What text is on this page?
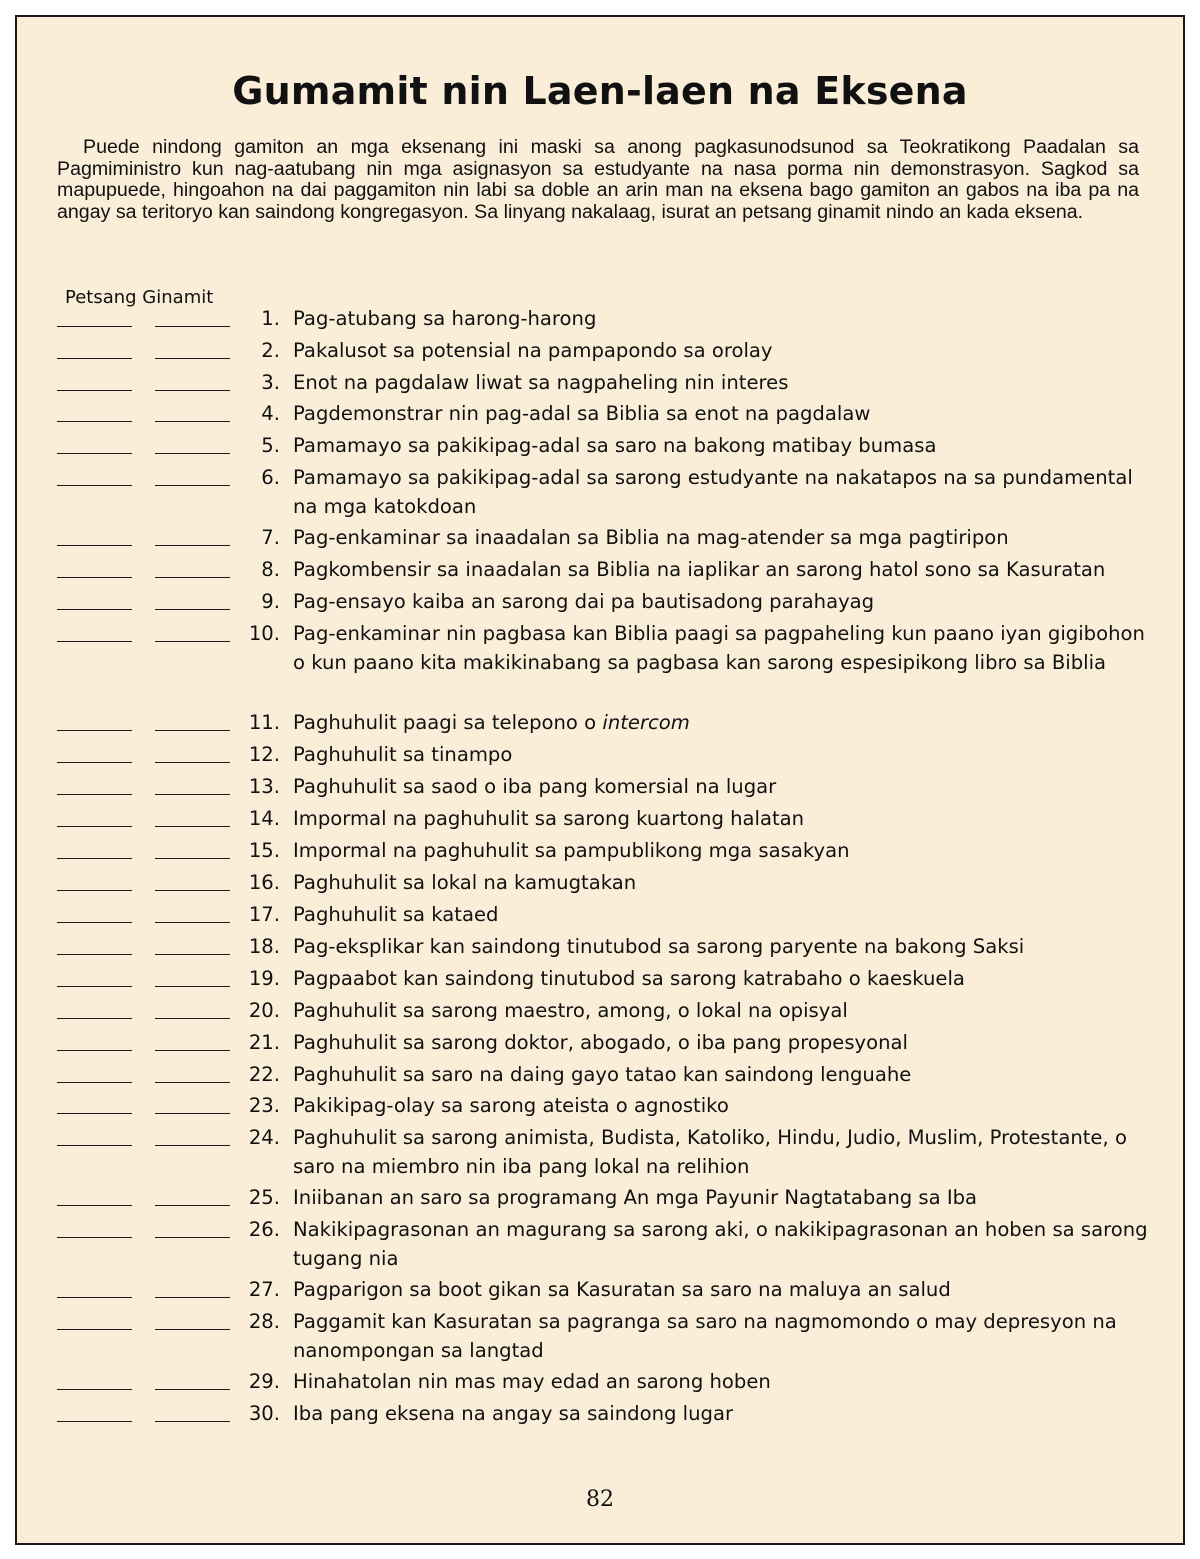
Gumamit nin Laen-laen na Eksena

Puede nindong gamiton an mga eksenang ini maski sa anong pagkasunodsunod sa Teokratikong Paadalan sa Pagmiministro kun nag-aatubang nin mga asignasyon sa estudyante na nasa porma nin demonstrasyon. Sagkod sa mapupuede, hingoahon na dai paggamiton nin labi sa doble an arin man na eksena bago gamiton an gabos na iba pa na angay sa teritoryo kan saindong kongregasyon. Sa linyang nakalaag, isurat an petsang ginamit nindo an kada eksena.

Petsang Ginamit
1. Pag-atubang sa harong-harong
2. Pakalusot sa potensial na pampapondo sa orolay
3. Enot na pagdalaw liwat sa nagpaheling nin interes
4. Pagdemonstrar nin pag-adal sa Biblia sa enot na pagdalaw
5. Pamamayo sa pakikipag-adal sa saro na bakong matibay bumasa
6. Pamamayo sa pakikipag-adal sa sarong estudyante na nakatapos na sa pundamental na mga katokdoan
7. Pag-enkaminar sa inaadalan sa Biblia na mag-atender sa mga pagtiripon
8. Pagkombensir sa inaadalan sa Biblia na iaplikar an sarong hatol sono sa Kasuratan
9. Pag-ensayo kaiba an sarong dai pa bautisadong parahayag
10. Pag-enkaminar nin pagbasa kan Biblia paagi sa pagpaheling kun paano iyan gigibohon o kun paano kita makikinabang sa pagbasa kan sarong espesipikong libro sa Biblia
11. Paghuhulit paagi sa telepono o intercom
12. Paghuhulit sa tinampo
13. Paghuhulit sa saod o iba pang komersial na lugar
14. Impormal na paghuhulit sa sarong kuartong halatan
15. Impormal na paghuhulit sa pampublikong mga sasakyan
16. Paghuhulit sa lokal na kamugtakan
17. Paghuhulit sa kataed
18. Pag-eksplikar kan saindong tinutubod sa sarong paryente na bakong Saksi
19. Pagpaabot kan saindong tinutubod sa sarong katrabaho o kaeskuela
20. Paghuhulit sa sarong maestro, among, o lokal na opisyal
21. Paghuhulit sa sarong doktor, abogado, o iba pang propesyonal
22. Paghuhulit sa saro na daing gayo tatao kan saindong lenguahe
23. Pakikipag-olay sa sarong ateista o agnostiko
24. Paghuhulit sa sarong animista, Budista, Katoliko, Hindu, Judio, Muslim, Protestante, o saro na miembro nin iba pang lokal na relihion
25. Iniibanan an saro sa programang An mga Payunir Nagtatabang sa Iba
26. Nakikipagrasonan an magurang sa sarong aki, o nakikipagrasonan an hoben sa sarong tugang nia
27. Pagparigon sa boot gikan sa Kasuratan sa saro na maluya an salud
28. Paggamit kan Kasuratan sa pagranga sa saro na nagmomondo o may depresyon na nanompongan sa langtad
29. Hinahatolan nin mas may edad an sarong hoben
30. Iba pang eksena na angay sa saindong lugar
82
